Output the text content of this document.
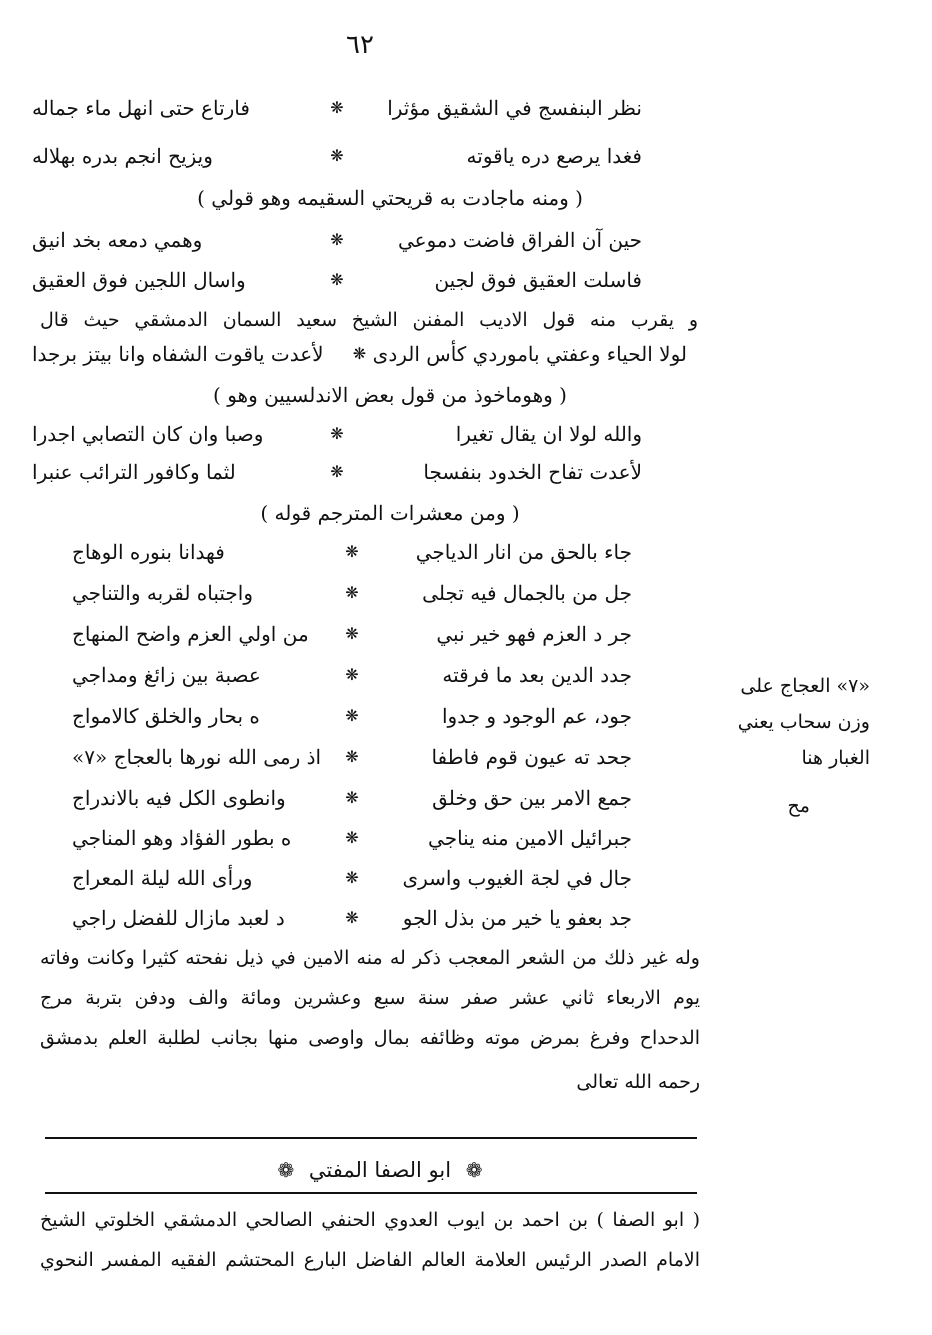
٦٢
نظر البنفسج في الشقيق مؤثرا
❋
فارتاع حتى انهل ماء جماله
فغدا يرصع دره ياقوته
❋
ويزيح انجم بدره بهلاله
( ومنه ماجادت به قريحتي السقيمه وهو قولي )
حين آن الفراق فاضت دموعي
❋
وهمي دمعه بخد انيق
فاسلت العقيق فوق لجين
❋
واسال اللجين فوق العقيق
و يقرب منه قول الاديب المفنن الشيخ سعيد السمان الدمشقي حيث قال
لولا الحياء وعفتي باموردي كأس الردى
❋
لأعدت ياقوت الشفاه وانا بيتز برجدا
( وهوماخوذ من قول بعض الاندلسيين وهو )
والله لولا ان يقال تغيرا
❋
وصبا وان كان التصابي اجدرا
لأعدت تفاح الخدود بنفسجا
❋
لثما وكافور الترائب عنبرا
( ومن معشرات المترجم قوله )
جاء بالحق من انار الدياجي
❋
فهدانا بنوره الوهاج
جل من بالجمال فيه تجلى
❋
واجتباه لقربه والتناجي
جر د العزم فهو خير نبي
❋
من اولي العزم واضح المنهاج
جدد الدين بعد ما فرقته
❋
عصبة بين زائغ ومداجي
جود، عم الوجود و جدوا
❋
ه بحار والخلق كالامواج
جحد ته عيون قوم فاطفا
❋
اذ رمى الله نورها بالعجاج «٧»
جمع الامر بين حق وخلق
❋
وانطوى الكل فيه بالاندراج
جبرائيل الامين منه يناجي
❋
ه بطور الفؤاد وهو المناجي
جال في لجة الغيوب واسرى
❋
ورأى الله ليلة المعراج
جد بعفو يا خير من بذل الجو
❋
د لعبد مازال للفضل راجي
«٧» العجاج على
وزن سحاب يعني
الغبار هنا
مح
وله غير ذلك من الشعر المعجب ذكر له منه الامين في ذيل نفحته كثيرا وكانت وفاته
يوم الاربعاء ثاني عشر صفر سنة سبع وعشرين ومائة والف ودفن بتربة مرج
الدحداح وفرغ بمرض موته وظائفه بمال واوصى منها بجانب لطلبة العلم بدمشق
رحمه الله تعالى
❁ ابو الصفا المفتي ❁
( ابو الصفا ) بن احمد بن ايوب العدوي الحنفي الصالحي الدمشقي الخلوتي الشيخ
الامام الصدر الرئيس العلامة العالم الفاضل البارع المحتشم الفقيه المفسر النحوي
